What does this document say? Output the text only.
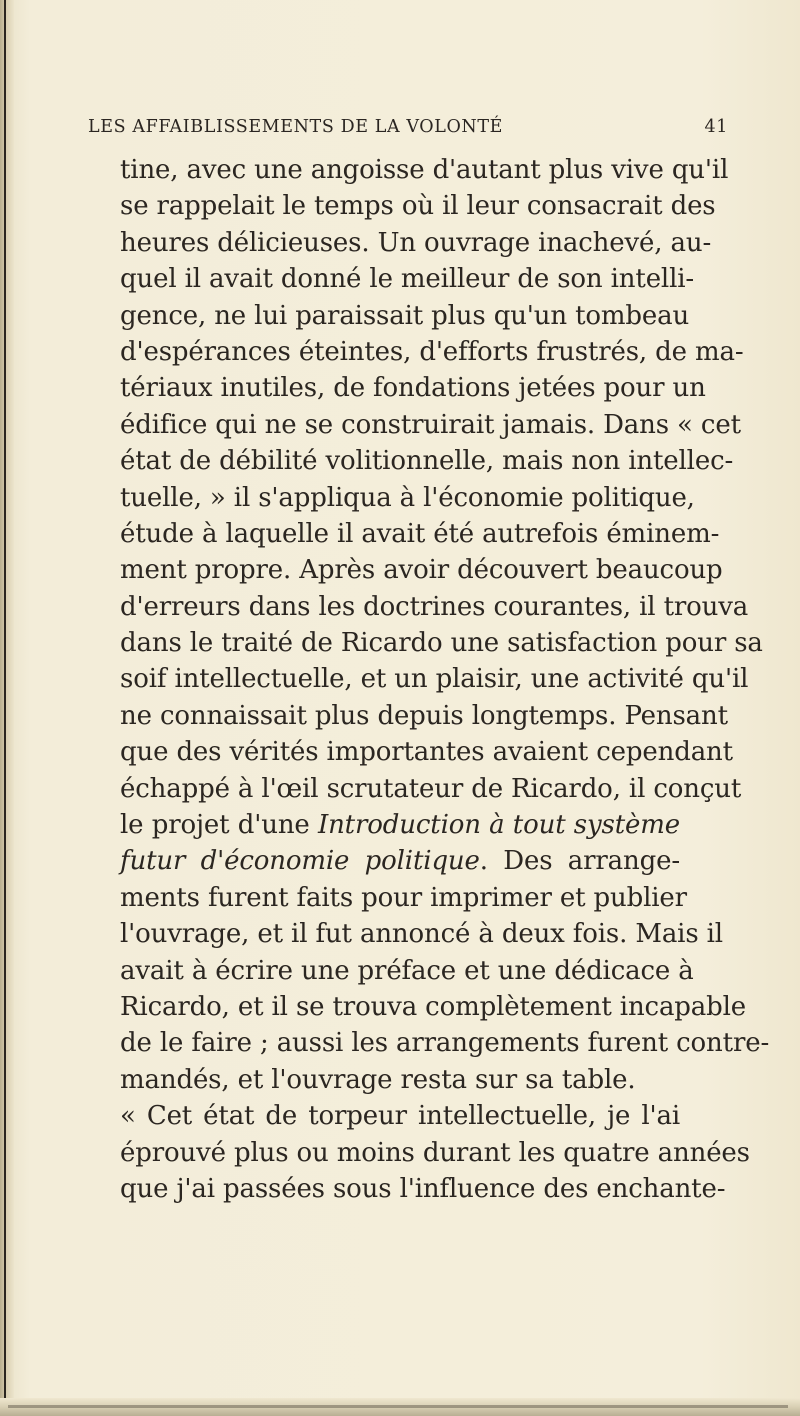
LES AFFAIBLISSEMENTS DE LA VOLONTÉ	41
tine, avec une angoisse d'autant plus vive qu'il
se rappelait le temps où il leur consacrait des
heures délicieuses. Un ouvrage inachevé, au-
quel il avait donné le meilleur de son intelli-
gence, ne lui paraissait plus qu'un tombeau
d'espérances éteintes, d'efforts frustrés, de ma-
tériaux inutiles, de fondations jetées pour un
édifice qui ne se construirait jamais. Dans « cet
état de débilité volitionnelle, mais non intellec-
tuelle, » il s'appliqua à l'économie politique,
étude à laquelle il avait été autrefois éminem-
ment propre. Après avoir découvert beaucoup
d'erreurs dans les doctrines courantes, il trouva
dans le traité de Ricardo une satisfaction pour sa
soif intellectuelle, et un plaisir, une activité qu'il
ne connaissait plus depuis longtemps. Pensant
que des vérités importantes avaient cependant
échappé à l'œil scrutateur de Ricardo, il conçut
le projet d'une Introduction à tout système
futur d'économie politique. Des arrange-
ments furent faits pour imprimer et publier
l'ouvrage, et il fut annoncé à deux fois. Mais il
avait à écrire une préface et une dédicace à
Ricardo, et il se trouva complètement incapable
de le faire ; aussi les arrangements furent contre-
mandés, et l'ouvrage resta sur sa table.
« Cet état de torpeur intellectuelle, je l'ai
éprouvé plus ou moins durant les quatre années
que j'ai passées sous l'influence des enchante-
